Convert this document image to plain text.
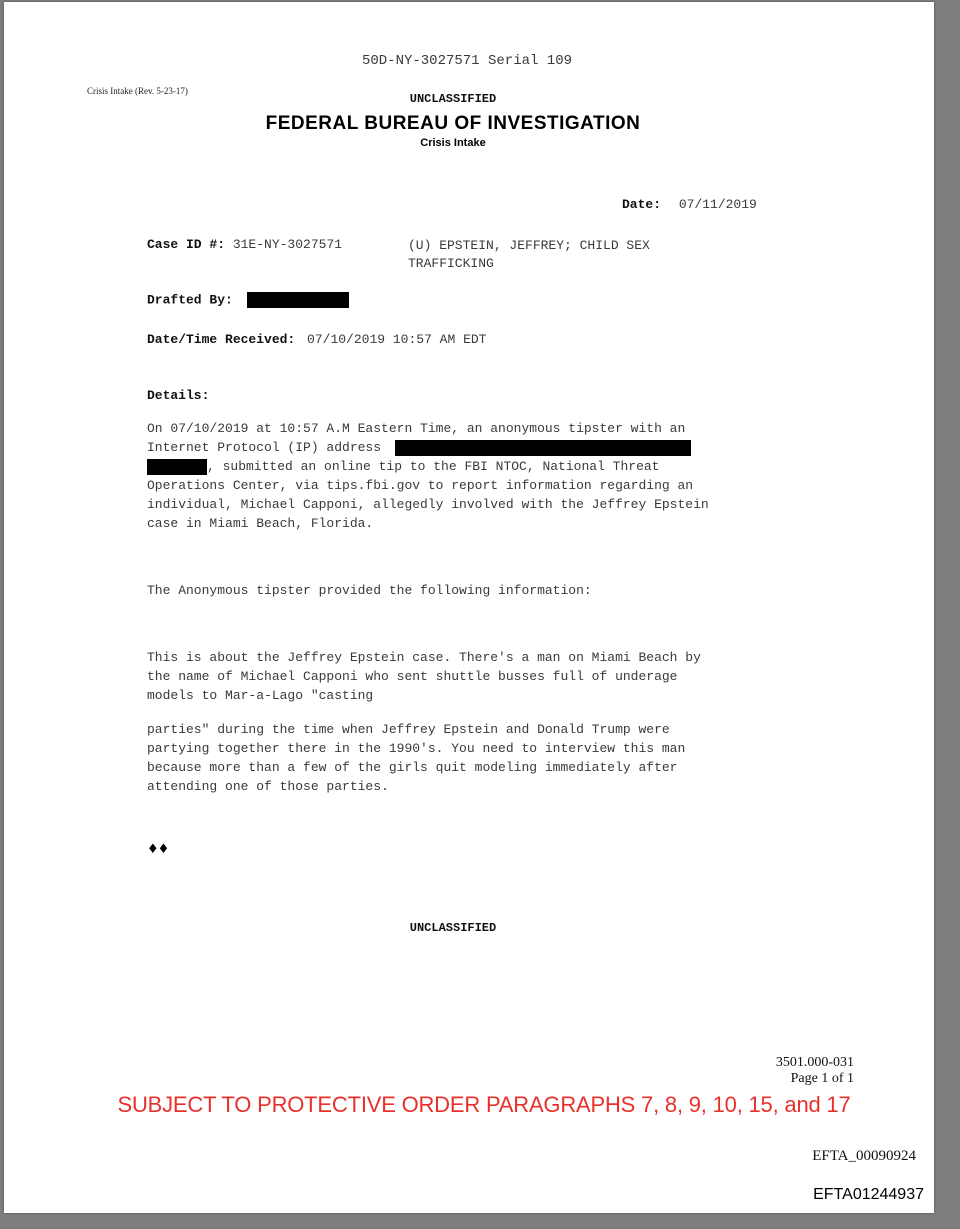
50D-NY-3027571 Serial 109
Crisis Intake (Rev. 5-23-17)
UNCLASSIFIED
FEDERAL BUREAU OF INVESTIGATION
Crisis Intake
Date: 07/11/2019
Case ID #: 31E-NY-3027571	(U) EPSTEIN, JEFFREY; CHILD SEX
TRAFFICKING
Drafted By:
Date/Time Received: 07/10/2019 10:57 AM EDT
Details:
On 07/10/2019 at 10:57 A.M Eastern Time, an anonymous tipster with an
Internet Protocol (IP) address
, submitted an online tip to the FBI NTOC, National Threat
Operations Center, via tips.fbi.gov to report information regarding an
individual, Michael Capponi, allegedly involved with the Jeffrey Epstein
case in Miami Beach, Florida.
The Anonymous tipster provided the following information:
This is about the Jeffrey Epstein case. There's a man on Miami Beach by
the name of Michael Capponi who sent shuttle busses full of underage
models to Mar-a-Lago "casting
parties" during the time when Jeffrey Epstein and Donald Trump were
partying together there in the 1990's. You need to interview this man
because more than a few of the girls quit modeling immediately after
attending one of those parties.
♦♦
UNCLASSIFIED
3501.000-031
Page 1 of 1
SUBJECT TO PROTECTIVE ORDER PARAGRAPHS 7, 8, 9, 10, 15, and 17
EFTA_00090924
EFTA01244937
